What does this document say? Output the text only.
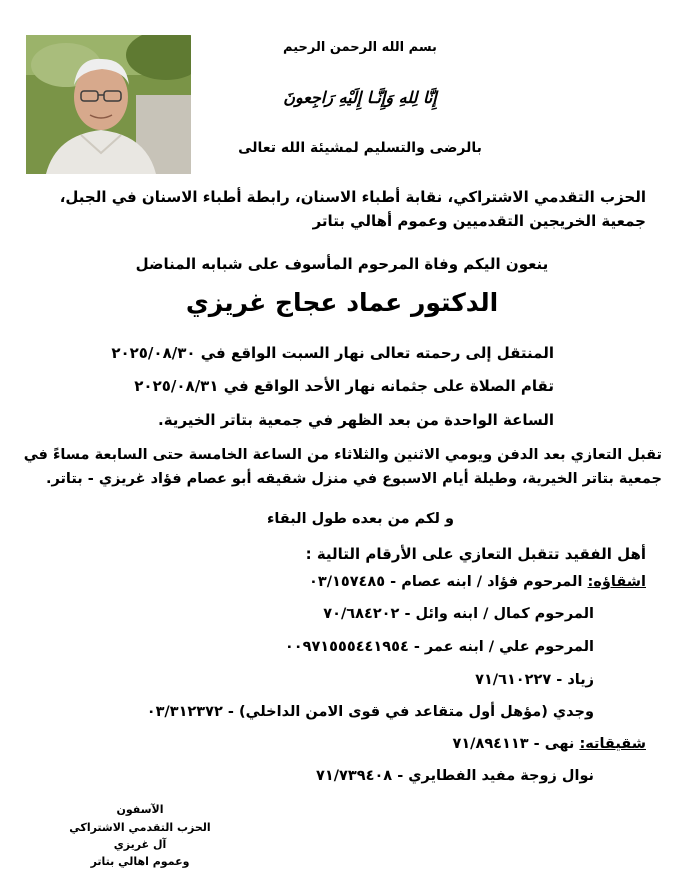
بسم الله الرحمن الرحيم
إِنَّا لِلهِ وَإِنَّـا إِلَيْهِ رَاجِعونَ
بالرضى والتسليم لمشيئة الله تعالى
الحزب التقدمي الاشتراكي، نقابة أطباء الاسنان، رابطة أطباء الاسنان في الجبل،
جمعية الخريجين التقدميين وعموم أهالي بتاتر
ينعون اليكم وفاة المرحوم المأسوف على شبابه المناضل
الدكتور عماد عجاج غريزي
المنتقل إلى رحمته تعالى نهار السبت الواقع في ٢٠٢٥/٠٨/٣٠
تقام الصلاة على جثمانه نهار الأحد الواقع في ٢٠٢٥/٠٨/٣١
الساعة الواحدة من بعد الظهر في جمعية بتاتر الخيرية.
تقبل التعازي بعد الدفن ويومي الاثنين والثلاثاء من الساعة الخامسة حتى السابعة مساءً في
جمعية بتاتر الخيرية، وطيلة أيام الاسبوع في منزل شقيقه أبو عصام فؤاد غريزي - بتاتر.
و لكم من بعده طول البقاء
أهل الفقيد تتقبل التعازي على الأرقام التالية :
اشقاؤه: المرحوم فؤاد / ابنه عصام - ٠٣/١٥٧٤٨٥
المرحوم كمال / ابنه وائل - ٧٠/٦٨٤٢٠٢
المرحوم علي / ابنه عمر - ٠٠٩٧١٥٥٥٤٤١٩٥٤
زياد - ٧١/٦١٠٢٢٧
وجدي (مؤهل أول متقاعد في قوى الامن الداخلي) - ٠٣/٣١٢٣٧٢
شقيقاته: نهى - ٧١/٨٩٤١١٣
نوال زوجة مفيد الفطايري - ٧١/٧٣٩٤٠٨
الآسفون
الحزب التقدمي الاشتراكي
آل غريزي
وعموم اهالي بتاتر
